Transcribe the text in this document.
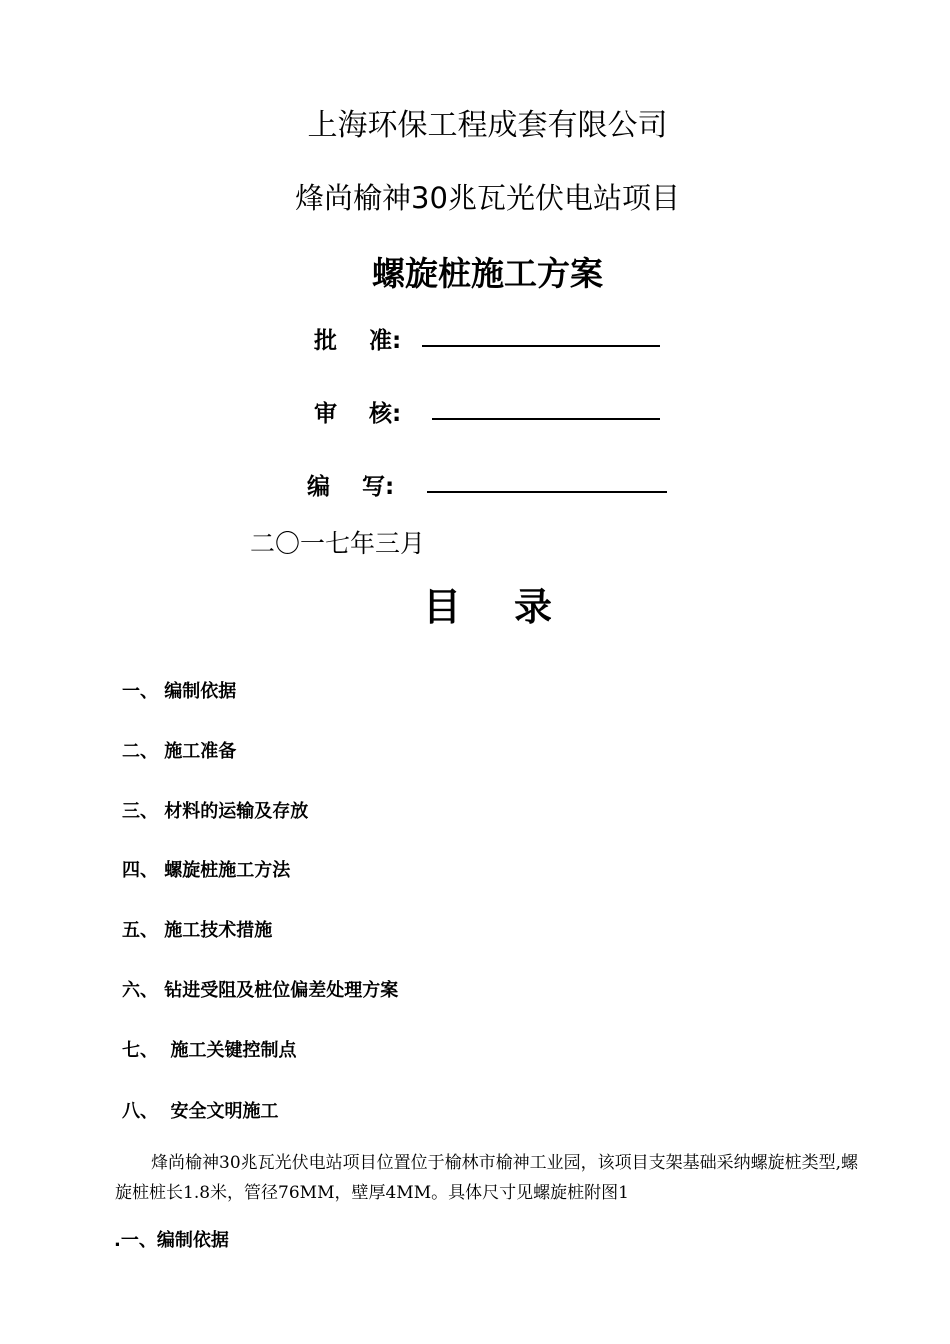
上海环保工程成套有限公司
烽尚榆神30兆瓦光伏电站项目
螺旋桩施工方案
批    准:
审    核:
编    写:
二〇一七年三月
目    录
一、 编制依据
二、 施工准备
三、 材料的运输及存放
四、 螺旋桩施工方法
五、 施工技术措施
六、 钻进受阻及桩位偏差处理方案
七、  施工关键控制点
八、  安全文明施工
烽尚榆神30兆瓦光伏电站项目位置位于榆林市榆神工业园，该项目支架基础采纳螺旋桩类型,螺旋桩桩长1.8米，管径76MM，壁厚4MM。具体尺寸见螺旋桩附图1
.一、编制依据
